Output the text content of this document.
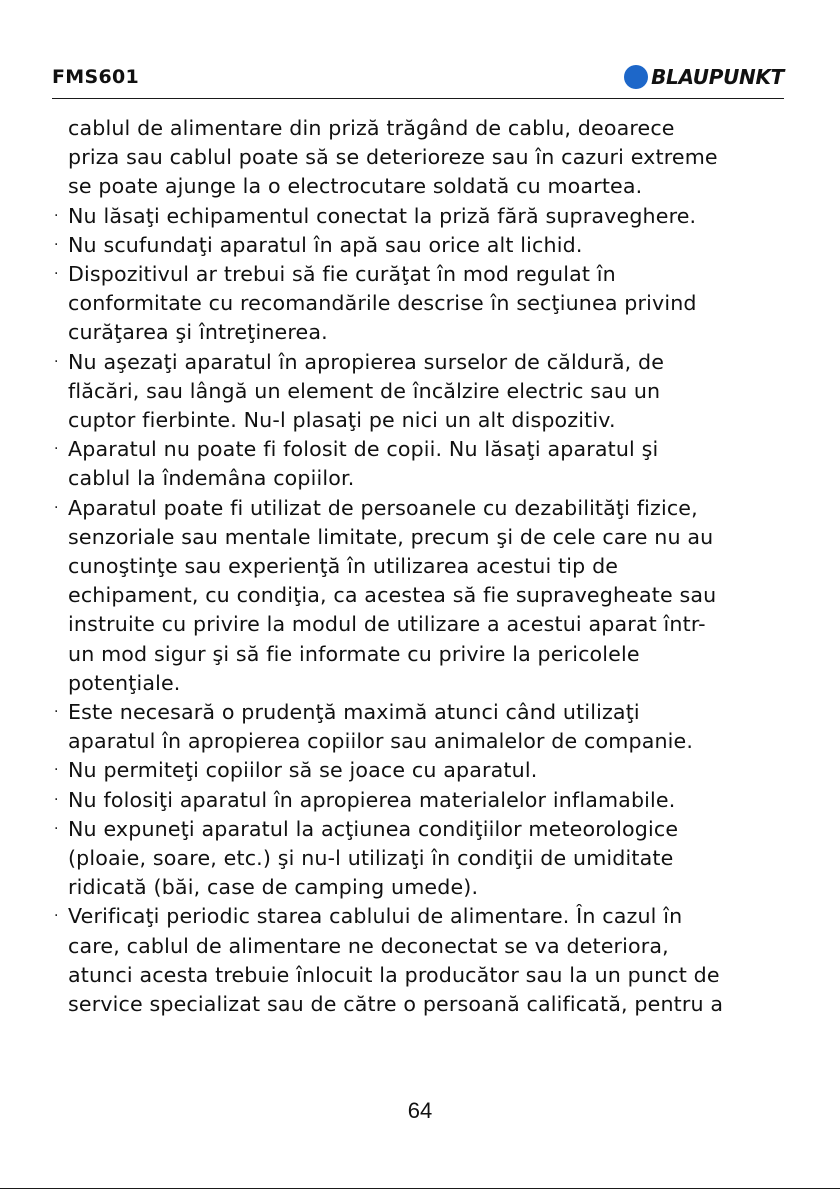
FMS601	BLAUPUNKT
cablul de alimentare din priză trăgând de cablu, deoarece
priza sau cablul poate să se deterioreze sau în cazuri extreme
se poate ajunge la o electrocutare soldată cu moartea.
· Nu lăsaţi echipamentul conectat la priză fără supraveghere.
· Nu scufundaţi aparatul în apă sau orice alt lichid.
· Dispozitivul ar trebui să fie curăţat în mod regulat în
conformitate cu recomandările descrise în secţiunea privind
curăţarea şi întreţinerea.
· Nu aşezaţi aparatul în apropierea surselor de căldură, de
flăcări, sau lângă un element de încălzire electric sau un
cuptor fierbinte. Nu-l plasaţi pe nici un alt dispozitiv.
· Aparatul nu poate fi folosit de copii. Nu lăsaţi aparatul şi
cablul la îndemâna copiilor.
· Aparatul poate fi utilizat de persoanele cu dezabilităţi fizice,
senzoriale sau mentale limitate, precum şi de cele care nu au
cunoştinţe sau experienţă în utilizarea acestui tip de
echipament, cu condiţia, ca acestea să fie supravegheate sau
instruite cu privire la modul de utilizare a acestui aparat într-
un mod sigur şi să fie informate cu privire la pericolele
potenţiale.
· Este necesară o prudenţă maximă atunci când utilizaţi
aparatul în apropierea copiilor sau animalelor de companie.
· Nu permiteţi copiilor să se joace cu aparatul.
· Nu folosiţi aparatul în apropierea materialelor inflamabile.
· Nu expuneţi aparatul la acţiunea condiţiilor meteorologice
(ploaie, soare, etc.) şi nu-l utilizaţi în condiţii de umiditate
ridicată (băi, case de camping umede).
· Verificaţi periodic starea cablului de alimentare. În cazul în
care, cablul de alimentare ne deconectat se va deteriora,
atunci acesta trebuie înlocuit la producător sau la un punct de
service specializat sau de către o persoană calificată, pentru a
64
